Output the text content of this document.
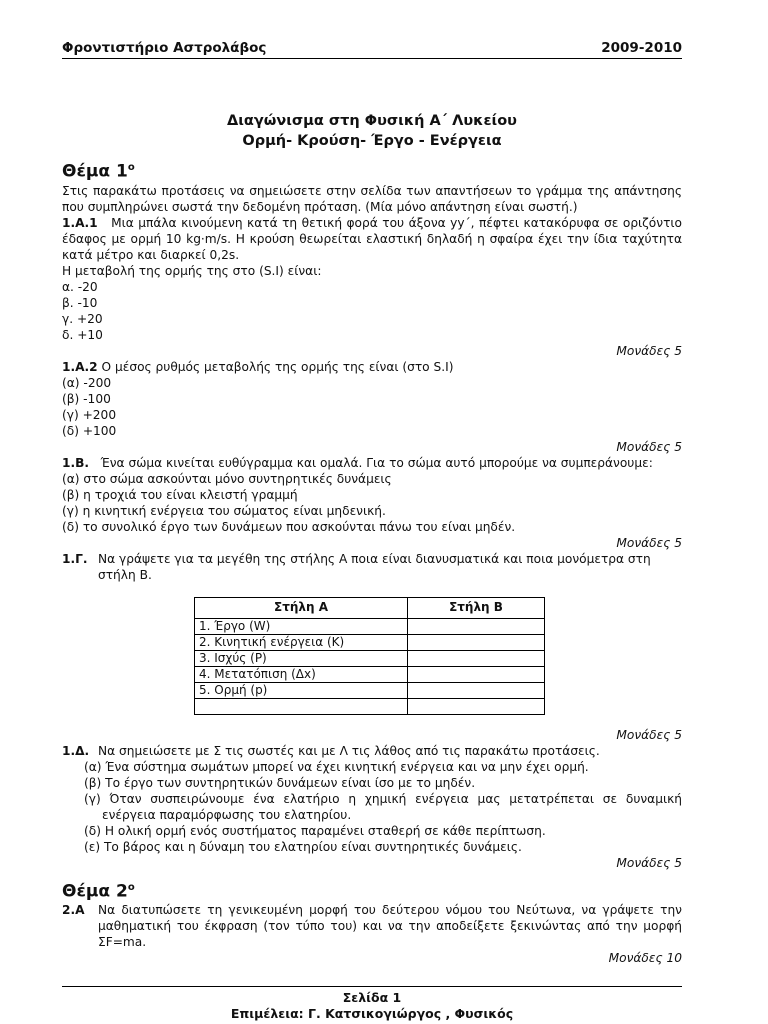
Φροντιστήριο Αστρολάβος	2009-2010
Διαγώνισμα στη Φυσική Α΄ Λυκείου
Ορμή- Κρούση- Έργο - Ενέργεια
Θέμα $1^o$

Στις παρακάτω προτάσεις να σημειώσετε στην σελίδα των απαντήσεων το γράμμα της απάντησης που συμπληρώνει σωστά την δεδομένη πρόταση. (Μία μόνο απάντηση είναι σωστή.)

1.Α.1 Μια μπάλα κινούμενη κατά τη θετική φορά του άξονα yy΄, πέφτει κατακόρυφα σε οριζόντιο έδαφος με ορμή 10 kg·m/s. Η κρούση θεωρείται ελαστική δηλαδή η σφαίρα έχει την ίδια ταχύτητα κατά μέτρο και διαρκεί 0,2s.

Η μεταβολή της ορμής της στο (S.I) είναι:

α. -20
β. -10
γ. +20
δ. +10

Μονάδες 5

1.Α.2 Ο μέσος ρυθμός μεταβολής της ορμής της είναι (στο S.I)

(α) -200
(β) -100
(γ) +200
(δ) +100

Μονάδες 5

1.Β. Ένα σώμα κινείται ευθύγραμμα και ομαλά. Για το σώμα αυτό μπορούμε να συμπεράνουμε:

(α) στο σώμα ασκούνται μόνο συντηρητικές δυνάμεις
(β) η τροχιά του είναι κλειστή γραμμή
(γ) η κινητική ενέργεια του σώματος είναι μηδενική.
(δ) το συνολικό έργο των δυνάμεων που ασκούνται πάνω του είναι μηδέν.

Μονάδες 5

1.Γ. Να γράψετε για τα μεγέθη της στήλης Α ποια είναι διανυσματικά και ποια μονόμετρα στη στήλη Β.

Στήλη Α	Στήλη Β
1. Έργο (W)	
2. Κινητική ενέργεια (Κ)	
3. Ισχύς (P)	
4. Μετατόπιση (Δx)	
5. Ορμή (p)	

Μονάδες 5

1.Δ. Να σημειώσετε με Σ τις σωστές και με Λ τις λάθος από τις παρακάτω προτάσεις.

(α) Ένα σύστημα σωμάτων μπορεί να έχει κινητική ενέργεια και να μην έχει ορμή.
(β) Το έργο των συντηρητικών δυνάμεων είναι ίσο με το μηδέν.
(γ) Όταν συσπειρώνουμε ένα ελατήριο η χημική ενέργεια μας μετατρέπεται σε δυναμική ενέργεια παραμόρφωσης του ελατηρίου.
(δ) Η ολική ορμή ενός συστήματος παραμένει σταθερή σε κάθε περίπτωση.
(ε) Το βάρος και η δύναμη του ελατηρίου είναι συντηρητικές δυνάμεις.

Μονάδες 5

Θέμα $2^o$

2.Α Να διατυπώσετε τη γενικευμένη μορφή του δεύτερου νόμου του Νεύτωνα, να γράψετε την μαθηματική του έκφραση (τον τύπο του) και να την αποδείξετε ξεκινώντας από την μορφή ΣF=ma.

Μονάδες 10

Σελίδα 1
Επιμέλεια: Γ. Κατσικογιώργος , Φυσικός
